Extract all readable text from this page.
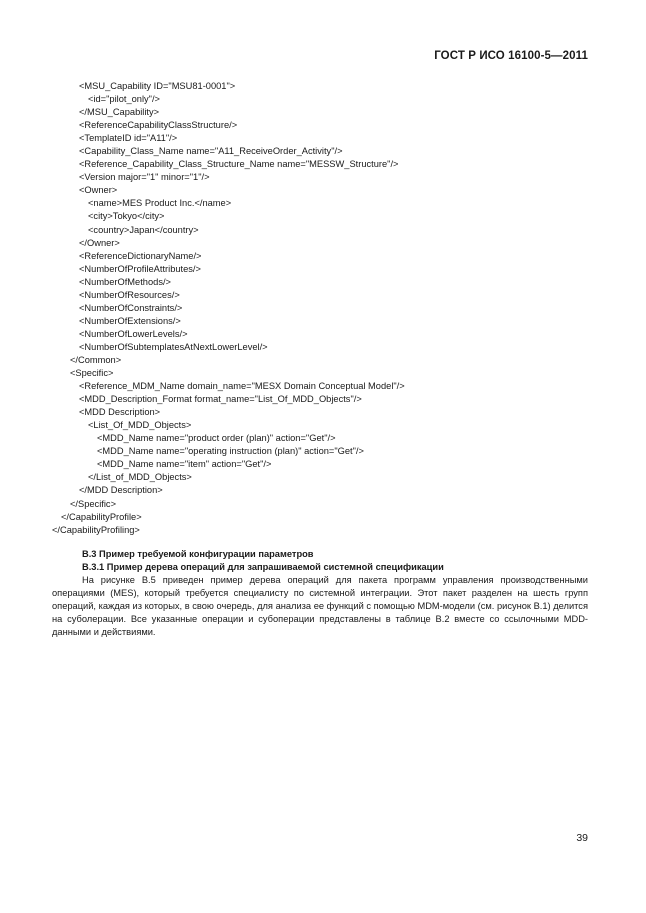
ГОСТ Р ИСО 16100-5—2011
<MSU_Capability ID="MSU81-0001">
<id="pilot_only"/>
</MSU_Capability>
<ReferenceCapabilityClassStructure/>
<TemplateID id="A11"/>
<Capability_Class_Name name="A11_ReceiveOrder_Activity"/>
<Reference_Capability_Class_Structure_Name name="MESSW_Structure"/>
<Version major="1" minor="1"/>
<Owner>
<name>MES Product Inc.</name>
<city>Tokyo</city>
<country>Japan</country>
</Owner>
<ReferenceDictionaryName/>
<NumberOfProfileAttributes/>
<NumberOfMethods/>
<NumberOfResources/>
<NumberOfConstraints/>
<NumberOfExtensions/>
<NumberOfLowerLevels/>
<NumberOfSubtemplatesAtNextLowerLevel/>
</Common>
<Specific>
<Reference_MDM_Name domain_name="MESX Domain Conceptual Model"/>
<MDD_Description_Format format_name="List_Of_MDD_Objects"/>
<MDD Description>
<List_Of_MDD_Objects>
<MDD_Name name="product order (plan)" action="Get"/>
<MDD_Name name="operating instruction (plan)" action="Get"/>
<MDD_Name name="item" action="Get"/>
</List_of_MDD_Objects>
</MDD Description>
</Specific>
</CapabilityProfile>
</CapabilityProfiling>
B.3 Пример требуемой конфигурации параметров
B.3.1 Пример дерева операций для запрашиваемой системной спецификации
На рисунке B.5 приведен пример дерева операций для пакета программ управления производственными операциями (MES), который требуется специалисту по системной интеграции. Этот пакет разделен на шесть групп операций, каждая из которых, в свою очередь, для анализа ее функций с помощью MDM-модели (см. рисунок B.1) делится на суболерации. Все указанные операции и субоперации представлены в таблице B.2 вместе со ссылочными MDD-данными и действиями.
39
